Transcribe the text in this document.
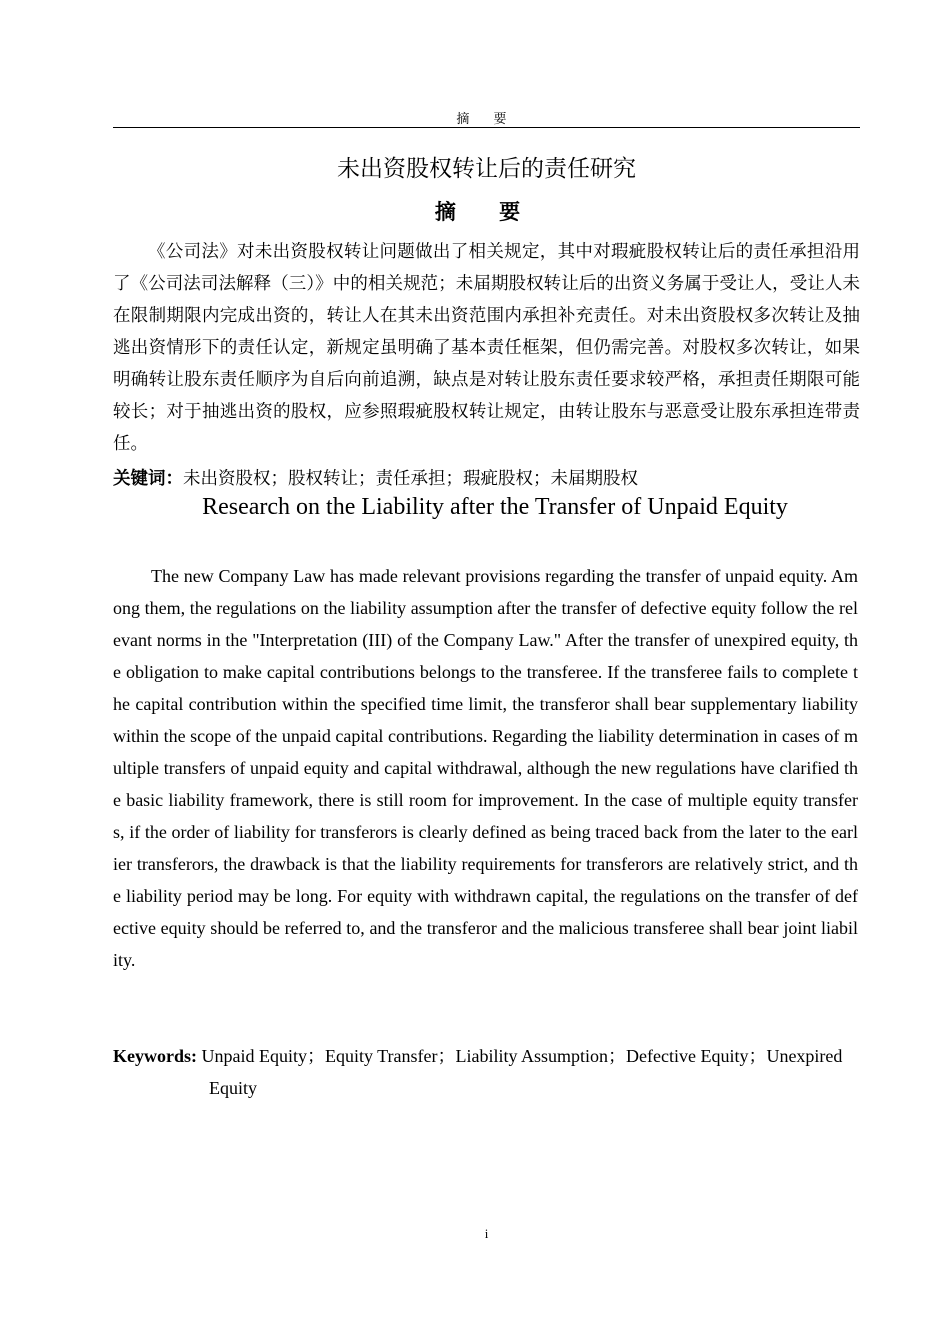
摘 要
未出资股权转让后的责任研究
摘 要

《公司法》对未出资股权转让问题做出了相关规定，其中对瑕疵股权转让后的责任承担沿用了《公司法司法解释（三）》中的相关规范；未届期股权转让后的出资义务属于受让人，受让人未在限制期限内完成出资的，转让人在其未出资范围内承担补充责任。对未出资股权多次转让及抽逃出资情形下的责任认定，新规定虽明确了基本责任框架，但仍需完善。对股权多次转让，如果明确转让股东责任顺序为自后向前追溯，缺点是对转让股东责任要求较严格，承担责任期限可能较长；对于抽逃出资的股权，应参照瑕疵股权转让规定，由转让股东与恶意受让股东承担连带责任。

关键词：未出资股权；股权转让；责任承担；瑕疵股权；未届期股权
Research on the Liability after the Transfer of Unpaid Equity

The new Company Law has made relevant provisions regarding the transfer of unpaid equity. Among them, the regulations on the liability assumption after the transfer of defective equity follow the relevant norms in the "Interpretation (III) of the Company Law." After the transfer of unexpired equity, the obligation to make capital contributions belongs to the transferee. If the transferee fails to complete the capital contribution within the specified time limit, the transferor shall bear supplementary liability within the scope of the unpaid capital contributions. Regarding the liability determination in cases of multiple transfers of unpaid equity and capital withdrawal, although the new regulations have clarified the basic liability framework, there is still room for improvement. In the case of multiple equity transfers, if the order of liability for transferors is clearly defined as being traced back from the later to the earlier transferors, the drawback is that the liability requirements for transferors are relatively strict, and the liability period may be long. For equity with withdrawn capital, the regulations on the transfer of defective equity should be referred to, and the transferor and the malicious transferee shall bear joint liability.

Keywords: Unpaid Equity；Equity Transfer；Liability Assumption；Defective Equity；Unexpired Equity
i
